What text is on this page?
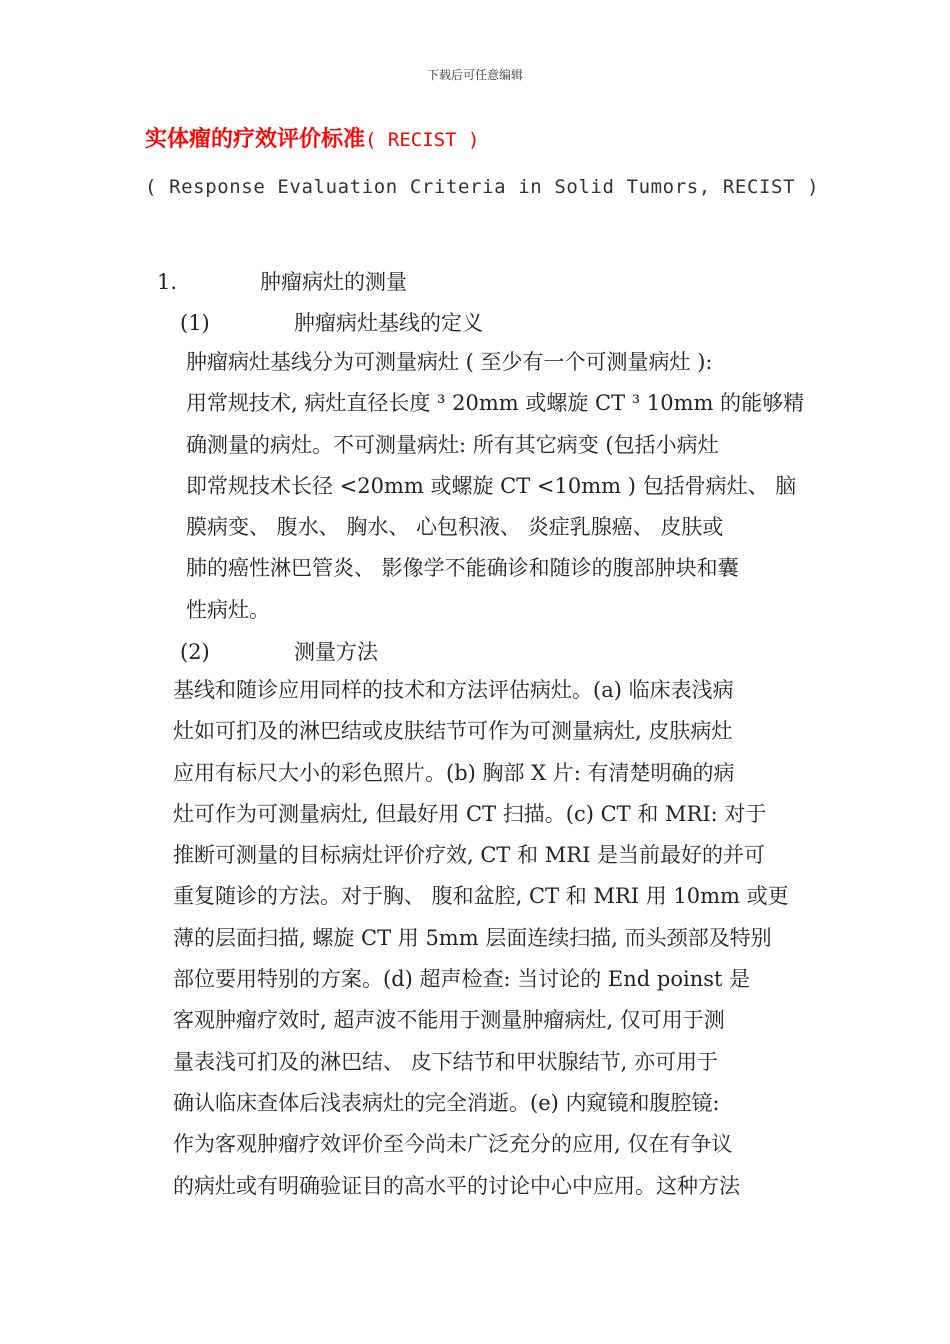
下载后可任意编辑
实体瘤的疗效评价标准( RECIST )
( Response Evaluation Criteria in Solid Tumors, RECIST )
1.	肿瘤病灶的测量
(1)	肿瘤病灶基线的定义
肿瘤病灶基线分为可测量病灶 ( 至少有一个可测量病灶 ):
用常规技术, 病灶直径长度 ³ 20mm 或螺旋 CT ³ 10mm 的能够精
确测量的病灶。不可测量病灶: 所有其它病变 (包括小病灶
即常规技术长径 <20mm 或螺旋 CT <10mm ) 包括骨病灶、 脑
膜病变、 腹水、 胸水、 心包积液、 炎症乳腺癌、 皮肤或
肺的癌性淋巴管炎、 影像学不能确诊和随诊的腹部肿块和囊
性病灶。
(2)	测量方法
基线和随诊应用同样的技术和方法评估病灶。(a) 临床表浅病
灶如可扪及的淋巴结或皮肤结节可作为可测量病灶, 皮肤病灶
应用有标尺大小的彩色照片。(b) 胸部 X 片: 有清楚明确的病
灶可作为可测量病灶, 但最好用 CT 扫描。(c) CT 和 MRI: 对于
推断可测量的目标病灶评价疗效, CT 和 MRI 是当前最好的并可
重复随诊的方法。对于胸、 腹和盆腔, CT 和 MRI 用 10mm 或更
薄的层面扫描, 螺旋 CT 用 5mm 层面连续扫描, 而头颈部及特别
部位要用特别的方案。(d) 超声检查: 当讨论的 End poinst 是
客观肿瘤疗效时, 超声波不能用于测量肿瘤病灶, 仅可用于测
量表浅可扪及的淋巴结、 皮下结节和甲状腺结节, 亦可用于
确认临床查体后浅表病灶的完全消逝。(e) 内窥镜和腹腔镜:
作为客观肿瘤疗效评价至今尚未广泛充分的应用, 仅在有争议
的病灶或有明确验证目的高水平的讨论中心中应用。这种方法
